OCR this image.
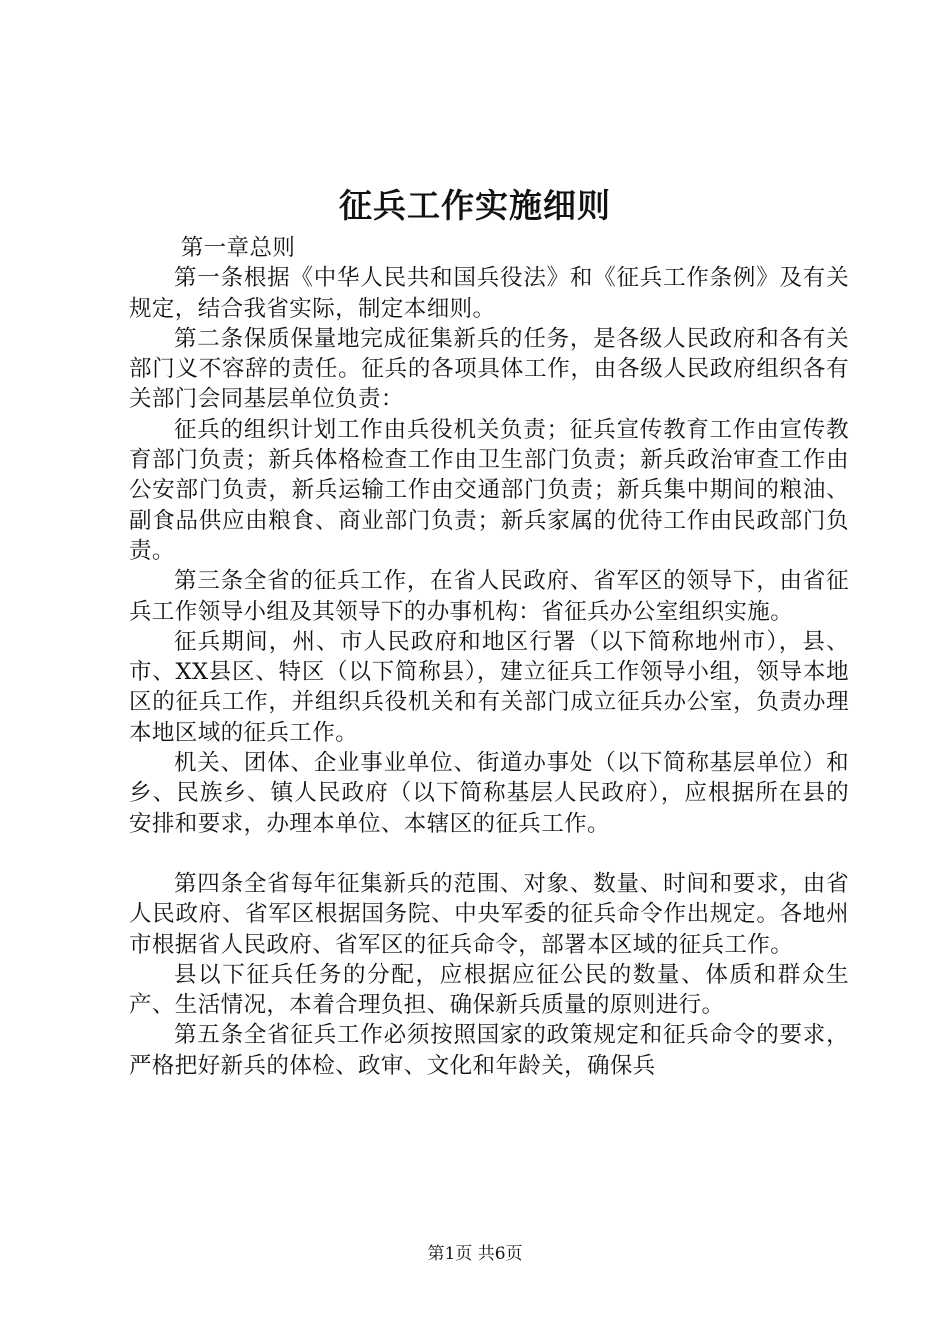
征兵工作实施细则

第一章总则

第一条根据《中华人民共和国兵役法》和《征兵工作条例》及有关规定，结合我省实际，制定本细则。

第二条保质保量地完成征集新兵的任务，是各级人民政府和各有关部门义不容辞的责任。征兵的各项具体工作，由各级人民政府组织各有关部门会同基层单位负责：

征兵的组织计划工作由兵役机关负责；征兵宣传教育工作由宣传教育部门负责；新兵体格检查工作由卫生部门负责；新兵政治审查工作由公安部门负责，新兵运输工作由交通部门负责；新兵集中期间的粮油、副食品供应由粮食、商业部门负责；新兵家属的优待工作由民政部门负责。

第三条全省的征兵工作，在省人民政府、省军区的领导下，由省征兵工作领导小组及其领导下的办事机构：省征兵办公室组织实施。

征兵期间，州、市人民政府和地区行署（以下简称地州市），县、市、XX县区、特区（以下简称县），建立征兵工作领导小组，领导本地区的征兵工作，并组织兵役机关和有关部门成立征兵办公室，负责办理本地区域的征兵工作。

机关、团体、企业事业单位、街道办事处（以下简称基层单位）和乡、民族乡、镇人民政府（以下简称基层人民政府），应根据所在县的安排和要求，办理本单位、本辖区的征兵工作。

第四条全省每年征集新兵的范围、对象、数量、时间和要求，由省人民政府、省军区根据国务院、中央军委的征兵命令作出规定。各地州市根据省人民政府、省军区的征兵命令，部署本区域的征兵工作。

县以下征兵任务的分配，应根据应征公民的数量、体质和群众生产、生活情况，本着合理负担、确保新兵质量的原则进行。

第五条全省征兵工作必须按照国家的政策规定和征兵命令的要求，严格把好新兵的体检、政审、文化和年龄关，确保兵

第1页 共6页
